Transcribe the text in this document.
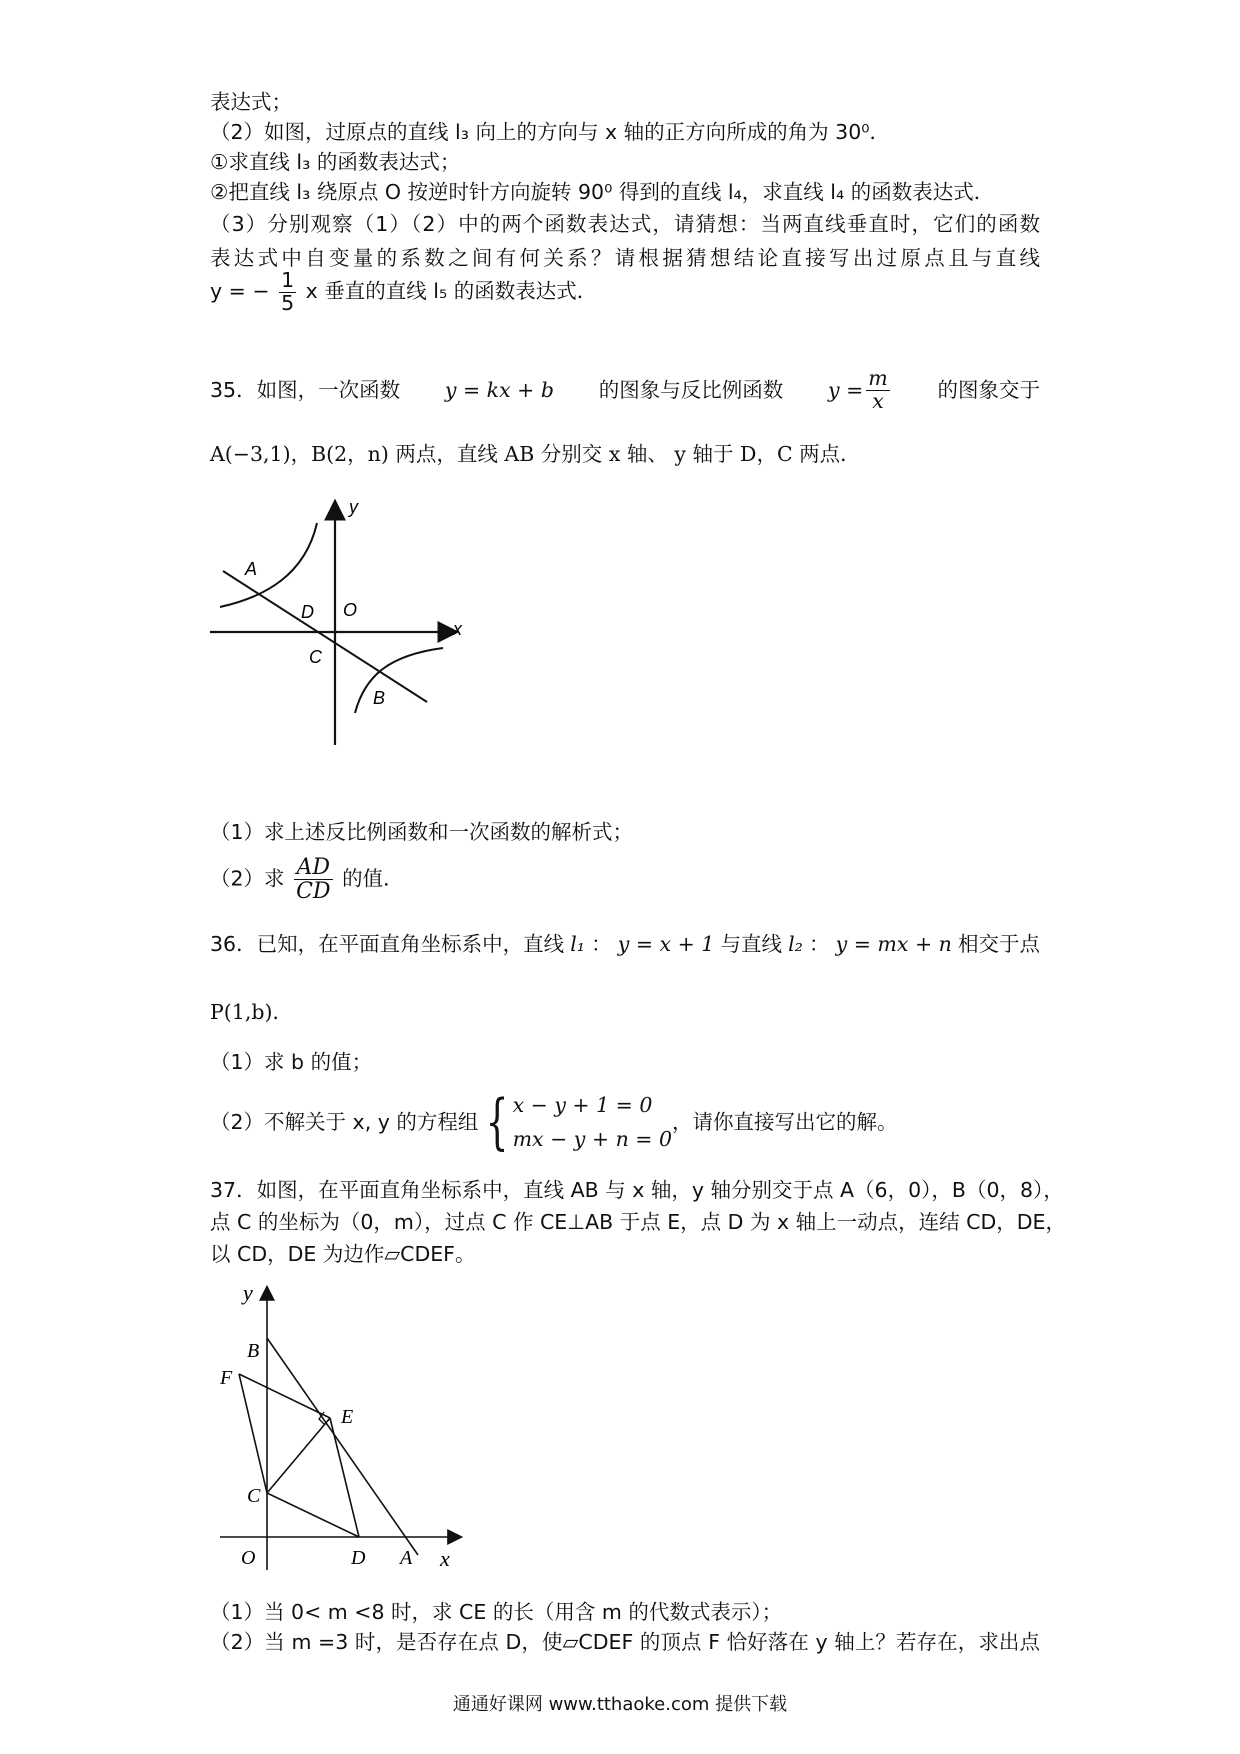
表达式；
（2）如图，过原点的直线 l₃ 向上的方向与 x 轴的正方向所成的角为 30⁰．
①求直线 l₃ 的函数表达式；
②把直线 l₃ 绕原点 O 按逆时针方向旋转 90⁰ 得到的直线 l₄，求直线 l₄ 的函数表达式．
（3）分别观察（1）（2）中的两个函数表达式，请猜想：当两直线垂直时，它们的函数
表达式中自变量的系数之间有何关系？请根据猜想结论直接写出过原点且与直线
y = − $\frac{1}{5}$ x 垂直的直线 l₅ 的函数表达式．
35．如图，一次函数 y = kx + b 的图象与反比例函数 $y = \frac{m}{x}$ 的图象交于
A(−3,1)，B(2，n) 两点，直线 AB 分别交 x 轴、 y 轴于 D，C 两点．
y
x
A
D O
C
B
（1）求上述反比例函数和一次函数的解析式；
（2）求 $\frac{AD}{CD}$ 的值．
36．已知，在平面直角坐标系中，直线 l₁ ： y = x + 1 与直线 l₂ ： y = mx + n 相交于点
P(1,b)．
（1）求 b 的值；
（2）不解关于 x, y 的方程组 { x − y + 1 = 0
mx − y + n = 0
，请你直接写出它的解。
37．如图，在平面直角坐标系中，直线 AB 与 x 轴，y 轴分别交于点 A（6，0），B（0，8），
点 C 的坐标为（0，m），过点 C 作 CE⊥AB 于点 E，点 D 为 x 轴上一动点，连结 CD，DE，
以 CD，DE 为边作▱CDEF。
y
x
B
F
E
C
O	D A
（1）当 0< m <8 时，求 CE 的长（用含 m 的代数式表示）；
（2）当 m =3 时，是否存在点 D，使▱CDEF 的顶点 F 恰好落在 y 轴上？若存在，求出点
通通好课网 www.tthaoke.com 提供下载
